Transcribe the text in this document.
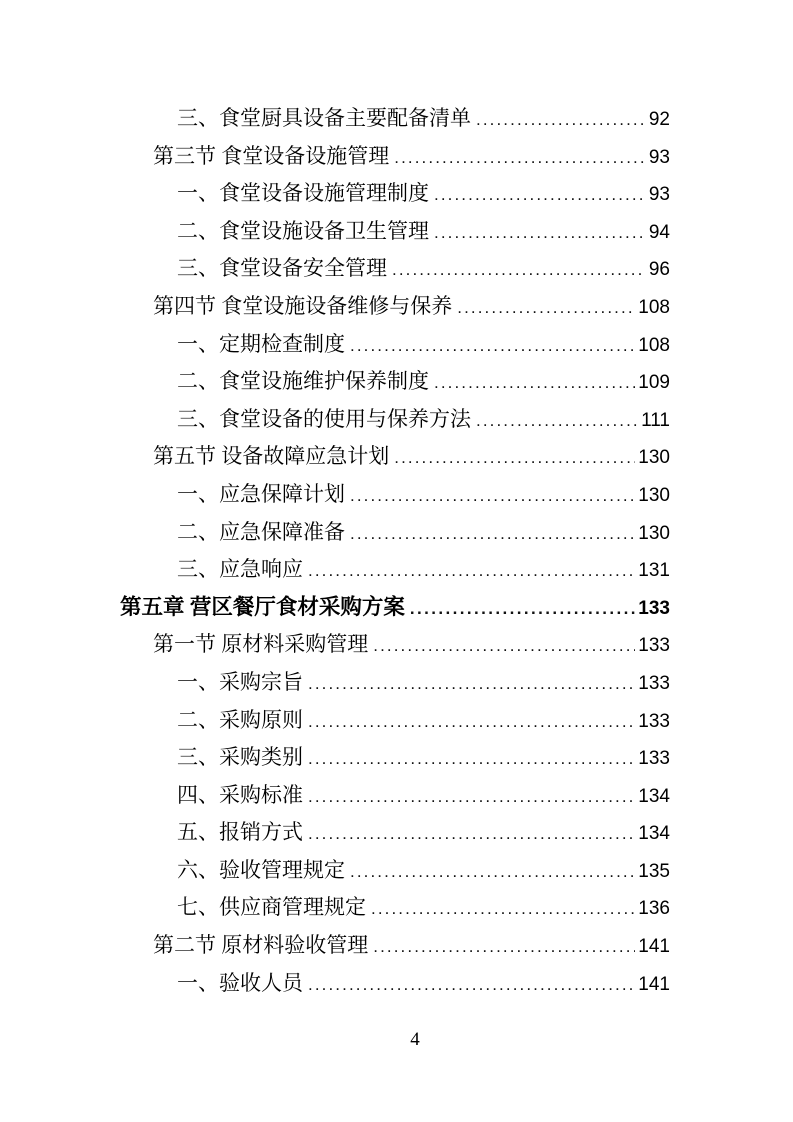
三、食堂厨具设备主要配备清单 .....	92
第三节 食堂设备设施管理 .....	93
一、食堂设备设施管理制度 .....	93
二、食堂设施设备卫生管理 .....	94
三、食堂设备安全管理 .....	96
第四节 食堂设施设备维修与保养 .....	108
一、定期检查制度 .....	108
二、食堂设施维护保养制度 .....	109
三、食堂设备的使用与保养方法 .....	111
第五节 设备故障应急计划 .....	130
一、应急保障计划 .....	130
二、应急保障准备 .....	130
三、应急响应 .....	131
第五章 营区餐厅食材采购方案 .....	133
第一节 原材料采购管理 .....	133
一、采购宗旨 .....	133
二、采购原则 .....	133
三、采购类别 .....	133
四、采购标准 .....	134
五、报销方式 .....	134
六、验收管理规定 .....	135
七、供应商管理规定 .....	136
第二节 原材料验收管理 .....	141
一、验收人员 .....	141
4
